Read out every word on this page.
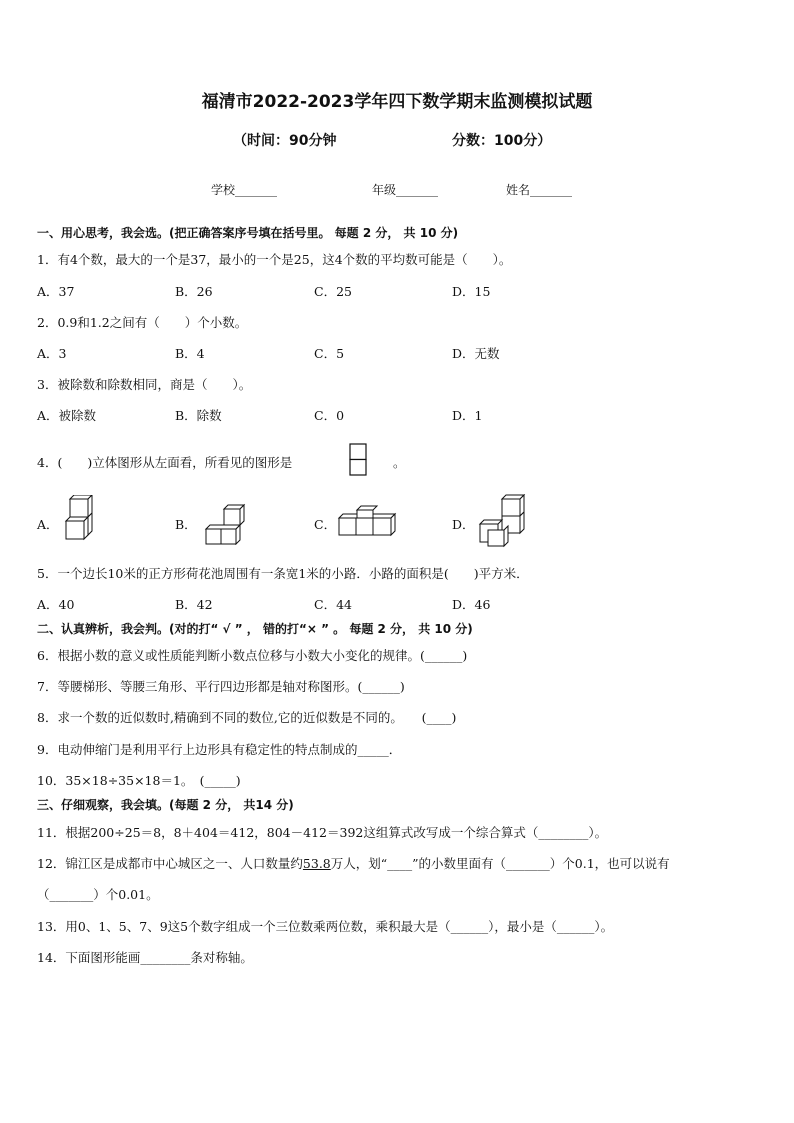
福清市2022-2023学年四下数学期末监测模拟试题
（时间：90分钟	分数：100分）
学校_______	年级_______	姓名_______
一、用心思考，我会选。(把正确答案序号填在括号里。 每题 2 分， 共 10 分)
1．有4个数，最大的一个是37，最小的一个是25，这4个数的平均数可能是（　　）。
A．37	B．26	C．25	D．15
2．0.9和1.2之间有（　　）个小数。
A．3	B．4	C．5	D．无数
3．被除数和除数相同，商是（　　）。
A．被除数	B．除数	C．0	D．1
4．(　　)立体图形从左面看，所看见的图形是	。
A．	B．	C．	D．
5．一个边长10米的正方形荷花池周围有一条宽1米的小路．小路的面积是(　　)平方米．
A．40	B．42	C．44	D．46
二、认真辨析，我会判。(对的打“ √ ” ， 错的打“× ” 。 每题 2 分， 共 10 分)
6．根据小数的意义或性质能判断小数点位移与小数大小变化的规律。(______)
7．等腰梯形、等腰三角形、平行四边形都是轴对称图形。(______)
8．求一个数的近似数时,精确到不同的数位,它的近似数是不同的。　　(____)
9．电动伸缩门是利用平行上边形具有稳定性的特点制成的_____．
10．35×18÷35×18＝1。　(_____)
三、仔细观察，我会填。(每题 2 分， 共14 分)
11．根据200÷25＝8，8＋404＝412，804－412＝392这组算式改写成一个综合算式（________）。
12．锦江区是成都市中心城区之一、人口数量约53.8万人，划“____”的小数里面有（_______）个0.1，也可以说有
（_______）个0.01。
13．用0、1、5、7、9这5个数字组成一个三位数乘两位数，乘积最大是（______），最小是（______）。
14．下面图形能画________条对称轴。
